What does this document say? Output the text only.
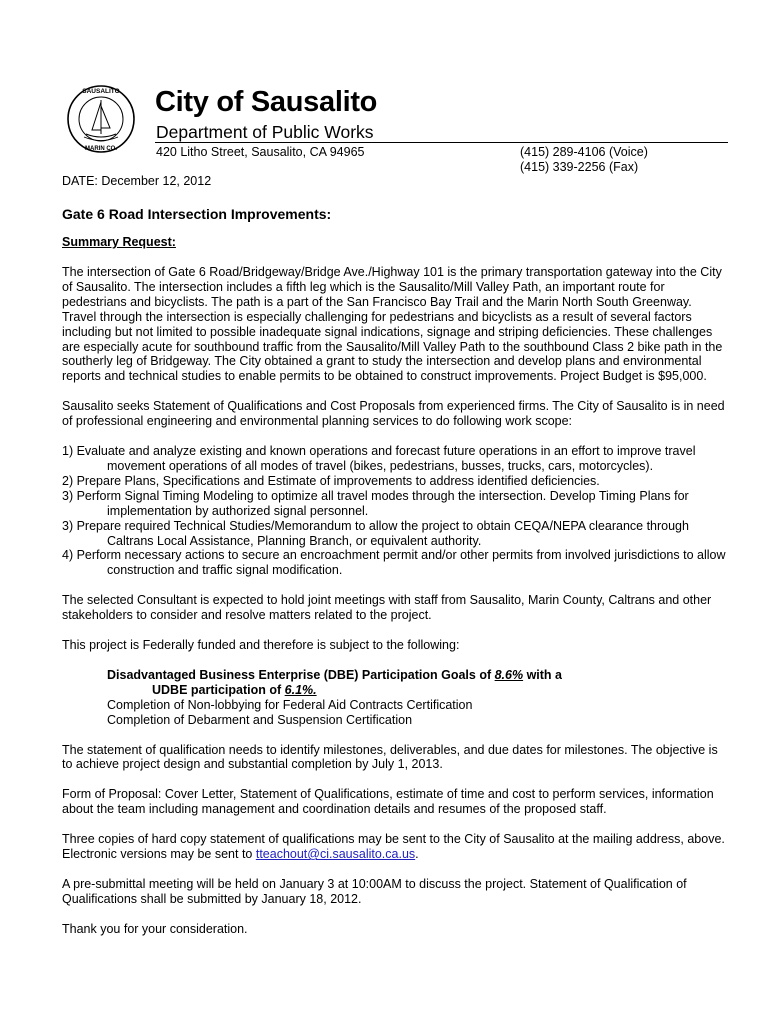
SAUSALITO
MARIN CO.
City of Sausalito
Department of Public Works
420 Litho Street, Sausalito, CA 94965	(415) 289-4106 (Voice)
(415) 339-2256 (Fax)
DATE: December 12, 2012
Gate 6 Road Intersection Improvements:
Summary Request:

The intersection of Gate 6 Road/Bridgeway/Bridge Ave./Highway 101 is the primary transportation gateway into the City of Sausalito. The intersection includes a fifth leg which is the Sausalito/Mill Valley Path, an important route for pedestrians and bicyclists. The path is a part of the San Francisco Bay Trail and the Marin North South Greenway. Travel through the intersection is especially challenging for pedestrians and bicyclists as a result of several factors including but not limited to possible inadequate signal indications, signage and striping deficiencies. These challenges are especially acute for southbound traffic from the Sausalito/Mill Valley Path to the southbound Class 2 bike path in the southerly leg of Bridgeway. The City obtained a grant to study the intersection and develop plans and environmental reports and technical studies to enable permits to be obtained to construct improvements. Project Budget is $95,000.

Sausalito seeks Statement of Qualifications and Cost Proposals from experienced firms. The City of Sausalito is in need of professional engineering and environmental planning services to do following work scope:

1) Evaluate and analyze existing and known operations and forecast future operations in an effort to improve travel movement operations of all modes of travel (bikes, pedestrians, busses, trucks, cars, motorcycles).
2) Prepare Plans, Specifications and Estimate of improvements to address identified deficiencies.
3) Perform Signal Timing Modeling to optimize all travel modes through the intersection. Develop Timing Plans for implementation by authorized signal personnel.
3) Prepare required Technical Studies/Memorandum to allow the project to obtain CEQA/NEPA clearance through Caltrans Local Assistance, Planning Branch, or equivalent authority.
4) Perform necessary actions to secure an encroachment permit and/or other permits from involved jurisdictions to allow construction and traffic signal modification.

The selected Consultant is expected to hold joint meetings with staff from Sausalito, Marin County, Caltrans and other stakeholders to consider and resolve matters related to the project.

This project is Federally funded and therefore is subject to the following:

Disadvantaged Business Enterprise (DBE) Participation Goals of 8.6% with a
UDBE participation of 6.1%.
Completion of Non-lobbying for Federal Aid Contracts Certification
Completion of Debarment and Suspension Certification

The statement of qualification needs to identify milestones, deliverables, and due dates for milestones. The objective is to achieve project design and substantial completion by July 1, 2013.

Form of Proposal: Cover Letter, Statement of Qualifications, estimate of time and cost to perform services, information about the team including management and coordination details and resumes of the proposed staff.

Three copies of hard copy statement of qualifications may be sent to the City of Sausalito at the mailing address, above. Electronic versions may be sent to tteachout@ci.sausalito.ca.us.

A pre-submittal meeting will be held on January 3 at 10:00AM to discuss the project. Statement of Qualification of Qualifications shall be submitted by January 18, 2012.

Thank you for your consideration.
